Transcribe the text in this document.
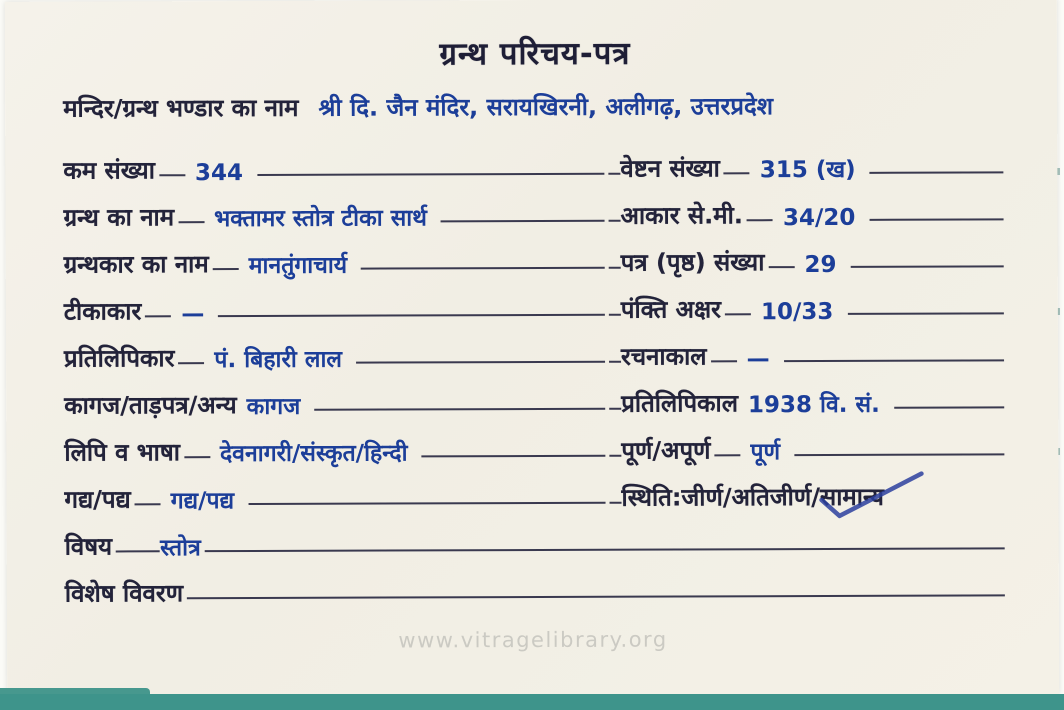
ग्रन्थ परिचय-पत्र
मन्दिर/ग्रन्थ भण्डार का नाम श्री दि. जैन मंदिर, सरायखिरनी, अलीगढ़, उत्तरप्रदेश
कम संख्या 344	वेष्टन संख्या 315 (ख)
ग्रन्थ का नाम भक्तामर स्तोत्र टीका सार्थ	आकार से.मी. 34/20
ग्रन्थकार का नाम मानतुंगाचार्य	पत्र (पृष्ठ) संख्या 29
टीकाकार —	पंक्ति अक्षर 10/33
प्रतिलिपिकार पं. बिहारी लाल	रचनाकाल —
कागज/ताड़पत्र/अन्य कागज	प्रतिलिपिकाल 1938 वि. सं.
लिपि व भाषा देवनागरी/संस्कृत/हिन्दी	पूर्ण/अपूर्ण पूर्ण
गद्य/पद्य गद्य/पद्य	स्थिति:जीर्ण/अतिजीर्ण/ सामान्य
विषय स्तोत्र
विशेष विवरण
www.vitragelibrary.org
